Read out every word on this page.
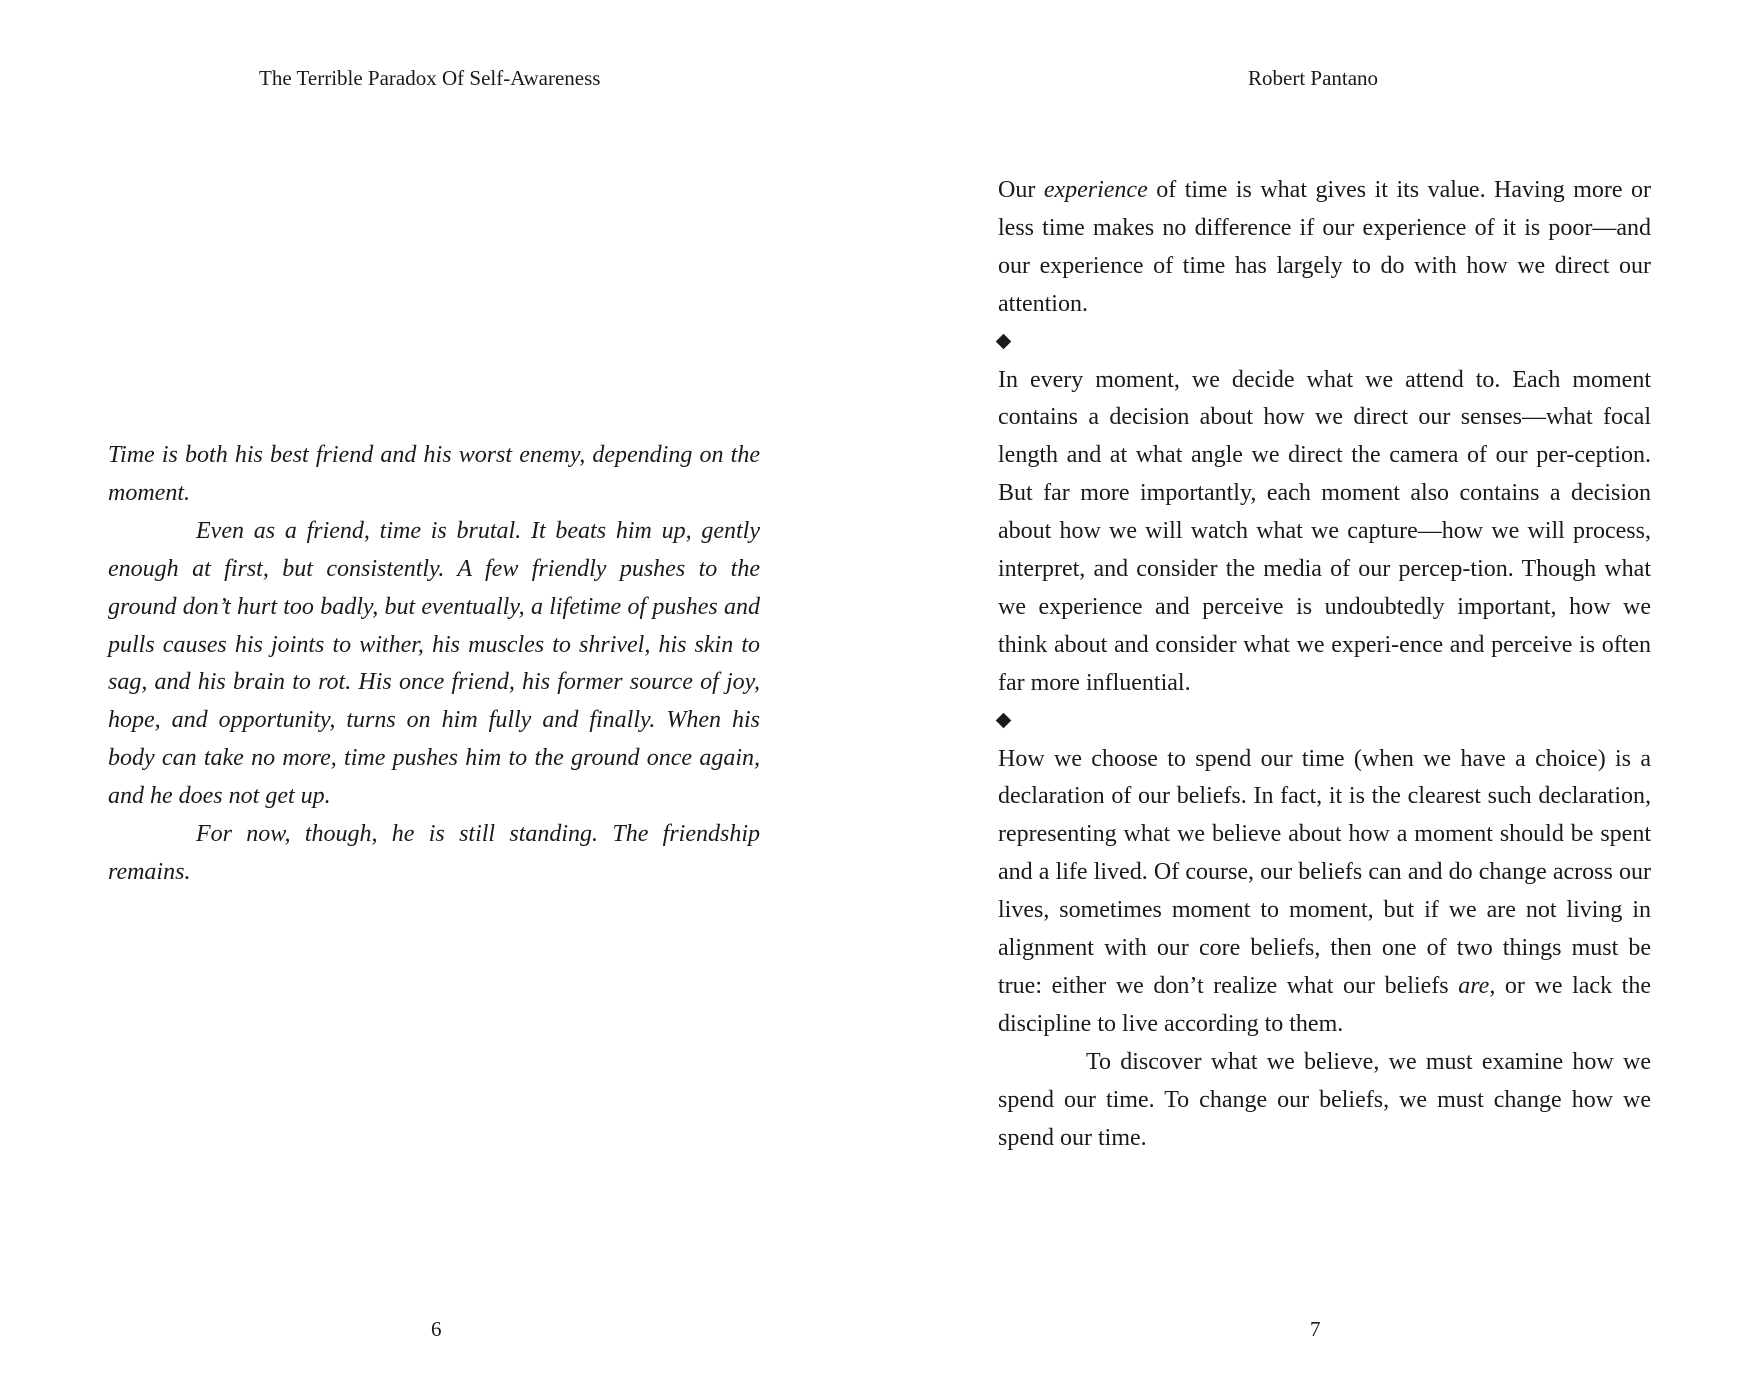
The Terrible Paradox Of Self-Awareness

Time is both his best friend and his worst enemy, depending on the moment.

Even as a friend, time is brutal. It beats him up, gently enough at first, but consistently. A few friendly pushes to the ground don’t hurt too badly, but eventually, a lifetime of pushes and pulls causes his joints to wither, his muscles to shrivel, his skin to sag, and his brain to rot. His once friend, his former source of joy, hope, and opportunity, turns on him fully and finally. When his body can take no more, time pushes him to the ground once again, and he does not get up.

For now, though, he is still standing. The friendship remains.

6
Robert Pantano

Our experience of time is what gives it its value. Having more or less time makes no difference if our experience of it is poor—and our experience of time has largely to do with how we direct our attention.

In every moment, we decide what we attend to. Each moment contains a decision about how we direct our senses—what focal length and at what angle we direct the camera of our per-ception. But far more importantly, each moment also contains a decision about how we will watch what we capture—how we will process, interpret, and consider the media of our percep-tion. Though what we experience and perceive is undoubtedly important, how we think about and consider what we experi-ence and perceive is often far more influential.

How we choose to spend our time (when we have a choice) is a declaration of our beliefs. In fact, it is the clearest such declaration, representing what we believe about how a moment should be spent and a life lived. Of course, our beliefs can and do change across our lives, sometimes moment to moment, but if we are not living in alignment with our core beliefs, then one of two things must be true: either we don’t realize what our beliefs are, or we lack the discipline to live according to them.

To discover what we believe, we must examine how we spend our time. To change our beliefs, we must change how we spend our time.

7
